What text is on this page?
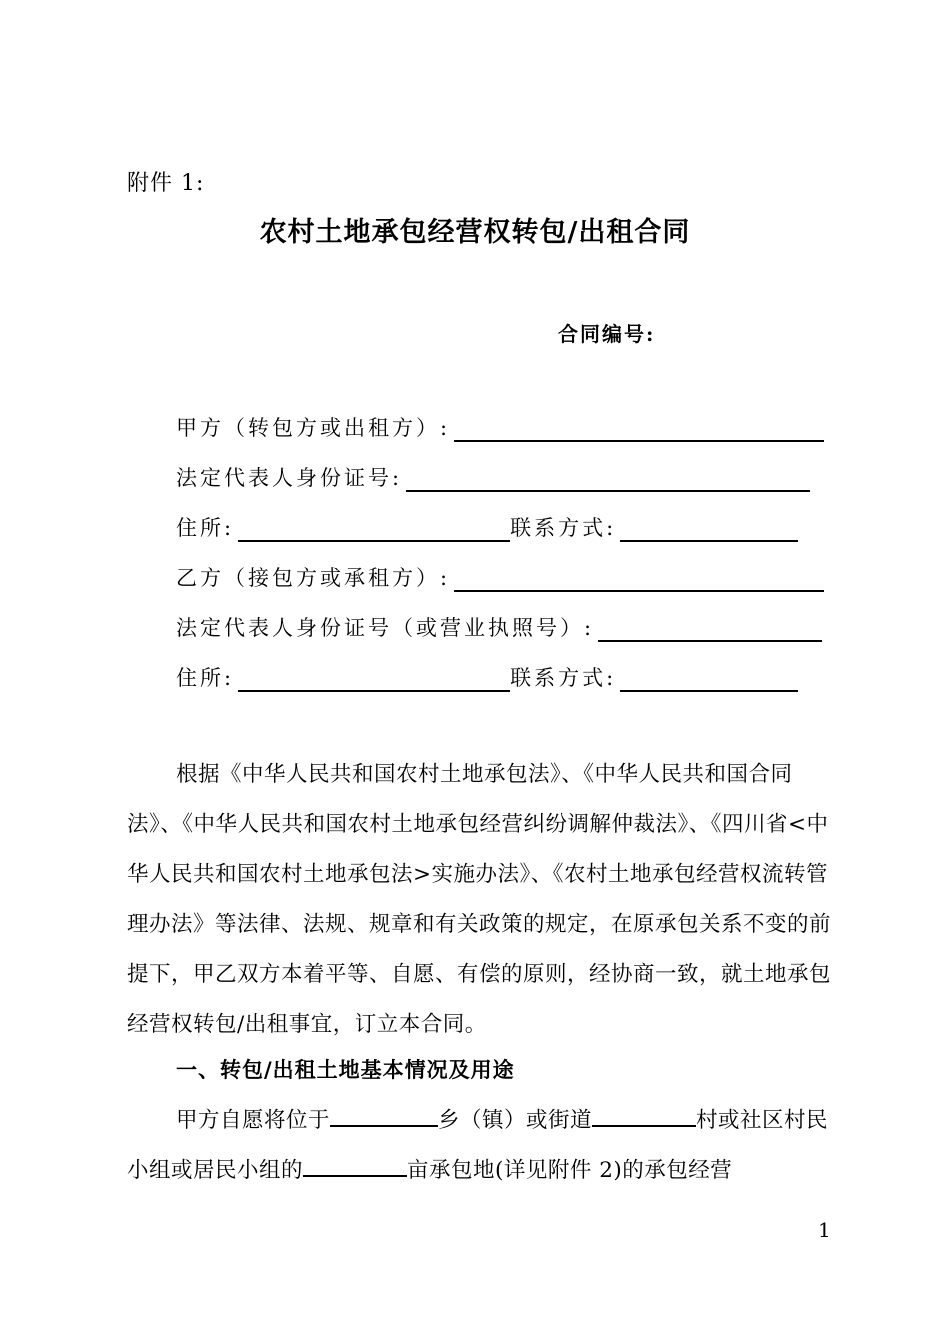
附件 1:
农村土地承包经营权转包/出租合同
合同编号:
甲方（转包方或出租方）:
法定代表人身份证号:
住所:	联系方式:
乙方（接包方或承租方）:
法定代表人身份证号（或营业执照号）:
住所:	联系方式:

根据《中华人民共和国农村土地承包法》、《中华人民共和国合同法》、《中华人民共和国农村土地承包经营纠纷调解仲裁法》、《四川省<中华人民共和国农村土地承包法>实施办法》、《农村土地承包经营权流转管理办法》等法律、法规、规章和有关政策的规定，在原承包关系不变的前提下，甲乙双方本着平等、自愿、有偿的原则，经协商一致，就土地承包经营权转包/出租事宜，订立本合同。

一、转包/出租土地基本情况及用途

甲方自愿将位于	乡（镇）或街道	村或社区村民小组或居民小组的	亩承包地(详见附件 2)的承包经营

1
